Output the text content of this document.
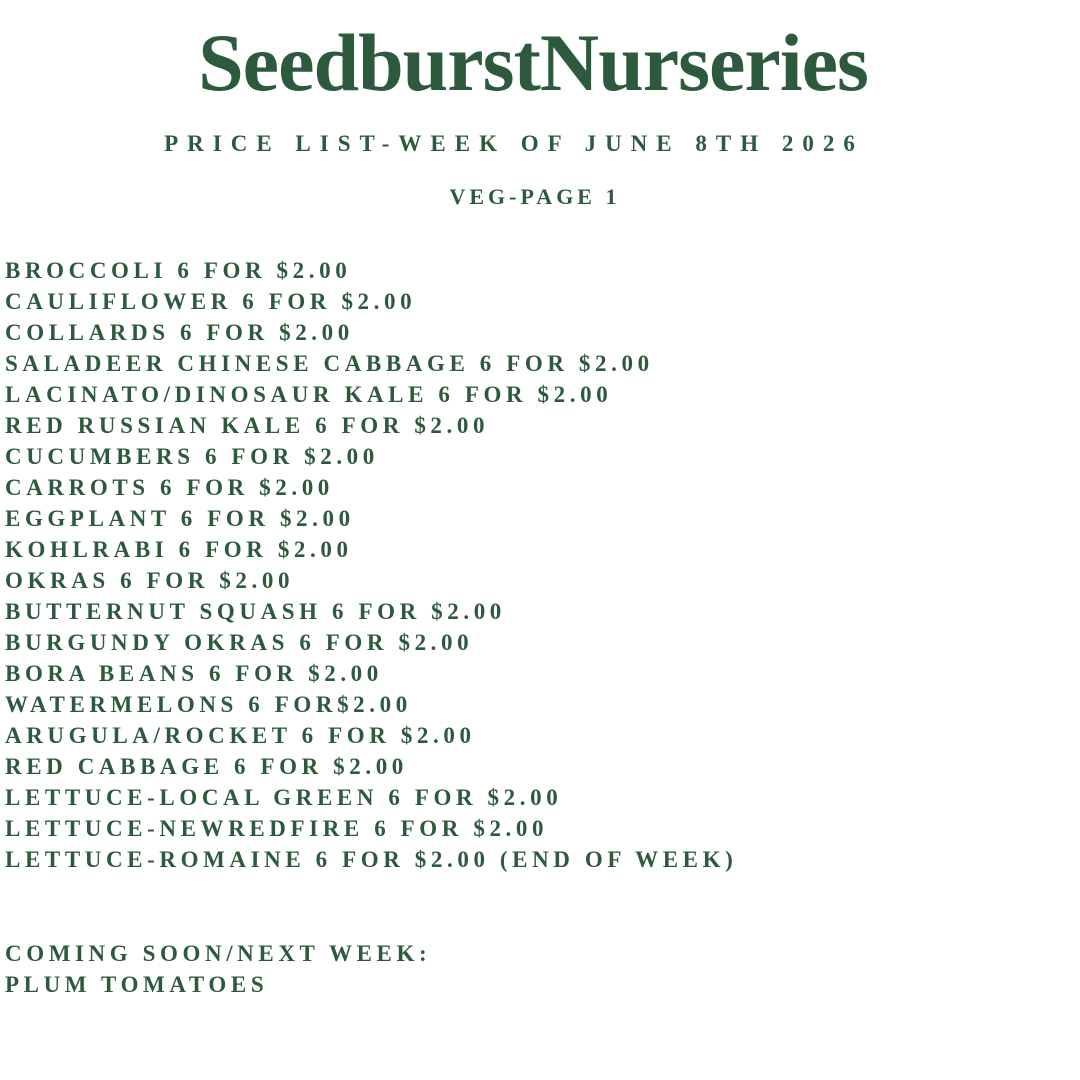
SeedburstNurseries
PRICE LIST-WEEK OF JUNE 8TH 2026
VEG-PAGE 1
BROCCOLI 6 FOR $2.00
CAULIFLOWER 6 FOR $2.00
COLLARDS 6 FOR $2.00
SALADEER CHINESE CABBAGE 6 FOR $2.00
LACINATO/DINOSAUR KALE 6 FOR $2.00
RED RUSSIAN KALE 6 FOR $2.00
CUCUMBERS 6 FOR $2.00
CARROTS 6 FOR $2.00
EGGPLANT 6 FOR $2.00
KOHLRABI 6 FOR $2.00
OKRAS 6 FOR $2.00
BUTTERNUT SQUASH 6 FOR $2.00
BURGUNDY OKRAS 6 FOR $2.00
BORA BEANS 6 FOR $2.00
WATERMELONS 6 FOR$2.00
ARUGULA/ROCKET 6 FOR $2.00
RED CABBAGE 6 FOR $2.00
LETTUCE-LOCAL GREEN 6 FOR $2.00
LETTUCE-NEWREDFIRE 6 FOR $2.00
LETTUCE-ROMAINE 6 FOR $2.00 (END OF WEEK)
COMING SOON/NEXT WEEK:
PLUM TOMATOES
